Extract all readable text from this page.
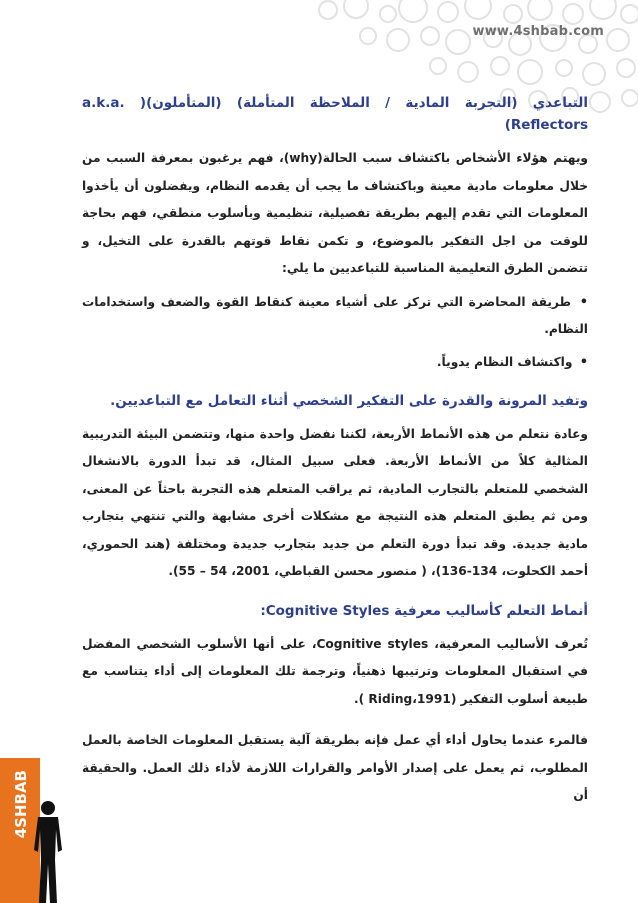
www.4shbab.com
4SHBAB
التباعدي (التجربة المادية / الملاحظة المتأملة) (المتأملون)( a.k.a. Reflectors)

ويهتم هؤلاء الأشخاص باكتشاف سبب الحالة(why)، فهم يرغبون بمعرفة السبب من خلال معلومات مادية معينة وباكتشاف ما يجب أن يقدمه النظام، ويفضلون أن يأخذوا المعلومات التي تقدم إليهم بطريقة تفصيلية، تنظيمية وبأسلوب منطقي، فهم بحاجة للوقت من اجل التفكير بالموضوع، و تكمن نقاط قوتهم بالقدرة على التخيل، و تتضمن الطرق التعليمية المناسبة للتباعديين ما يلي:

• طريقة المحاضرة التي تركز على أشياء معينة كنقاط القوة والضعف واستخدامات النظام.

• واكتشاف النظام يدوياً.

وتفيد المرونة والقدرة على التفكير الشخصي أثناء التعامل مع التباعديين.

وعادة نتعلم من هذه الأنماط الأربعة، لكننا نفضل واحدة منها، وتتضمن البيئة التدريبية المثالية كلاً من الأنماط الأربعة. فعلى سبيل المثال، قد تبدأ الدورة بالانشغال الشخصي للمتعلم بالتجارب المادية، ثم يراقب المتعلم هذه التجربة باحثاً عن المعنى، ومن ثم يطبق المتعلم هذه النتيجة مع مشكلات أخرى مشابهة والتي تنتهي بتجارب مادية جديدة. وقد تبدأ دورة التعلم من جديد بتجارب جديدة ومختلفة (هند الحموري، أحمد الكحلوت، 134-136)، ( منصور محسن القباطي، 2001، 54 – 55).

أنماط التعلم كأساليب معرفية Cognitive Styles:

تُعرف الأساليب المعرفية، Cognitive styles، على أنها الأسلوب الشخصي المفضل في استقبال المعلومات وترتيبها ذهنياً، وترجمة تلك المعلومات إلى أداء يتناسب مع طبيعة أسلوب التفكير (Riding،1991 ).

فالمرء عندما يحاول أداء أي عمل فإنه بطريقة آلية يستقبل المعلومات الخاصة بالعمل المطلوب، ثم يعمل على إصدار الأوامر والقرارات اللازمة لأداء ذلك العمل. والحقيقة أن
